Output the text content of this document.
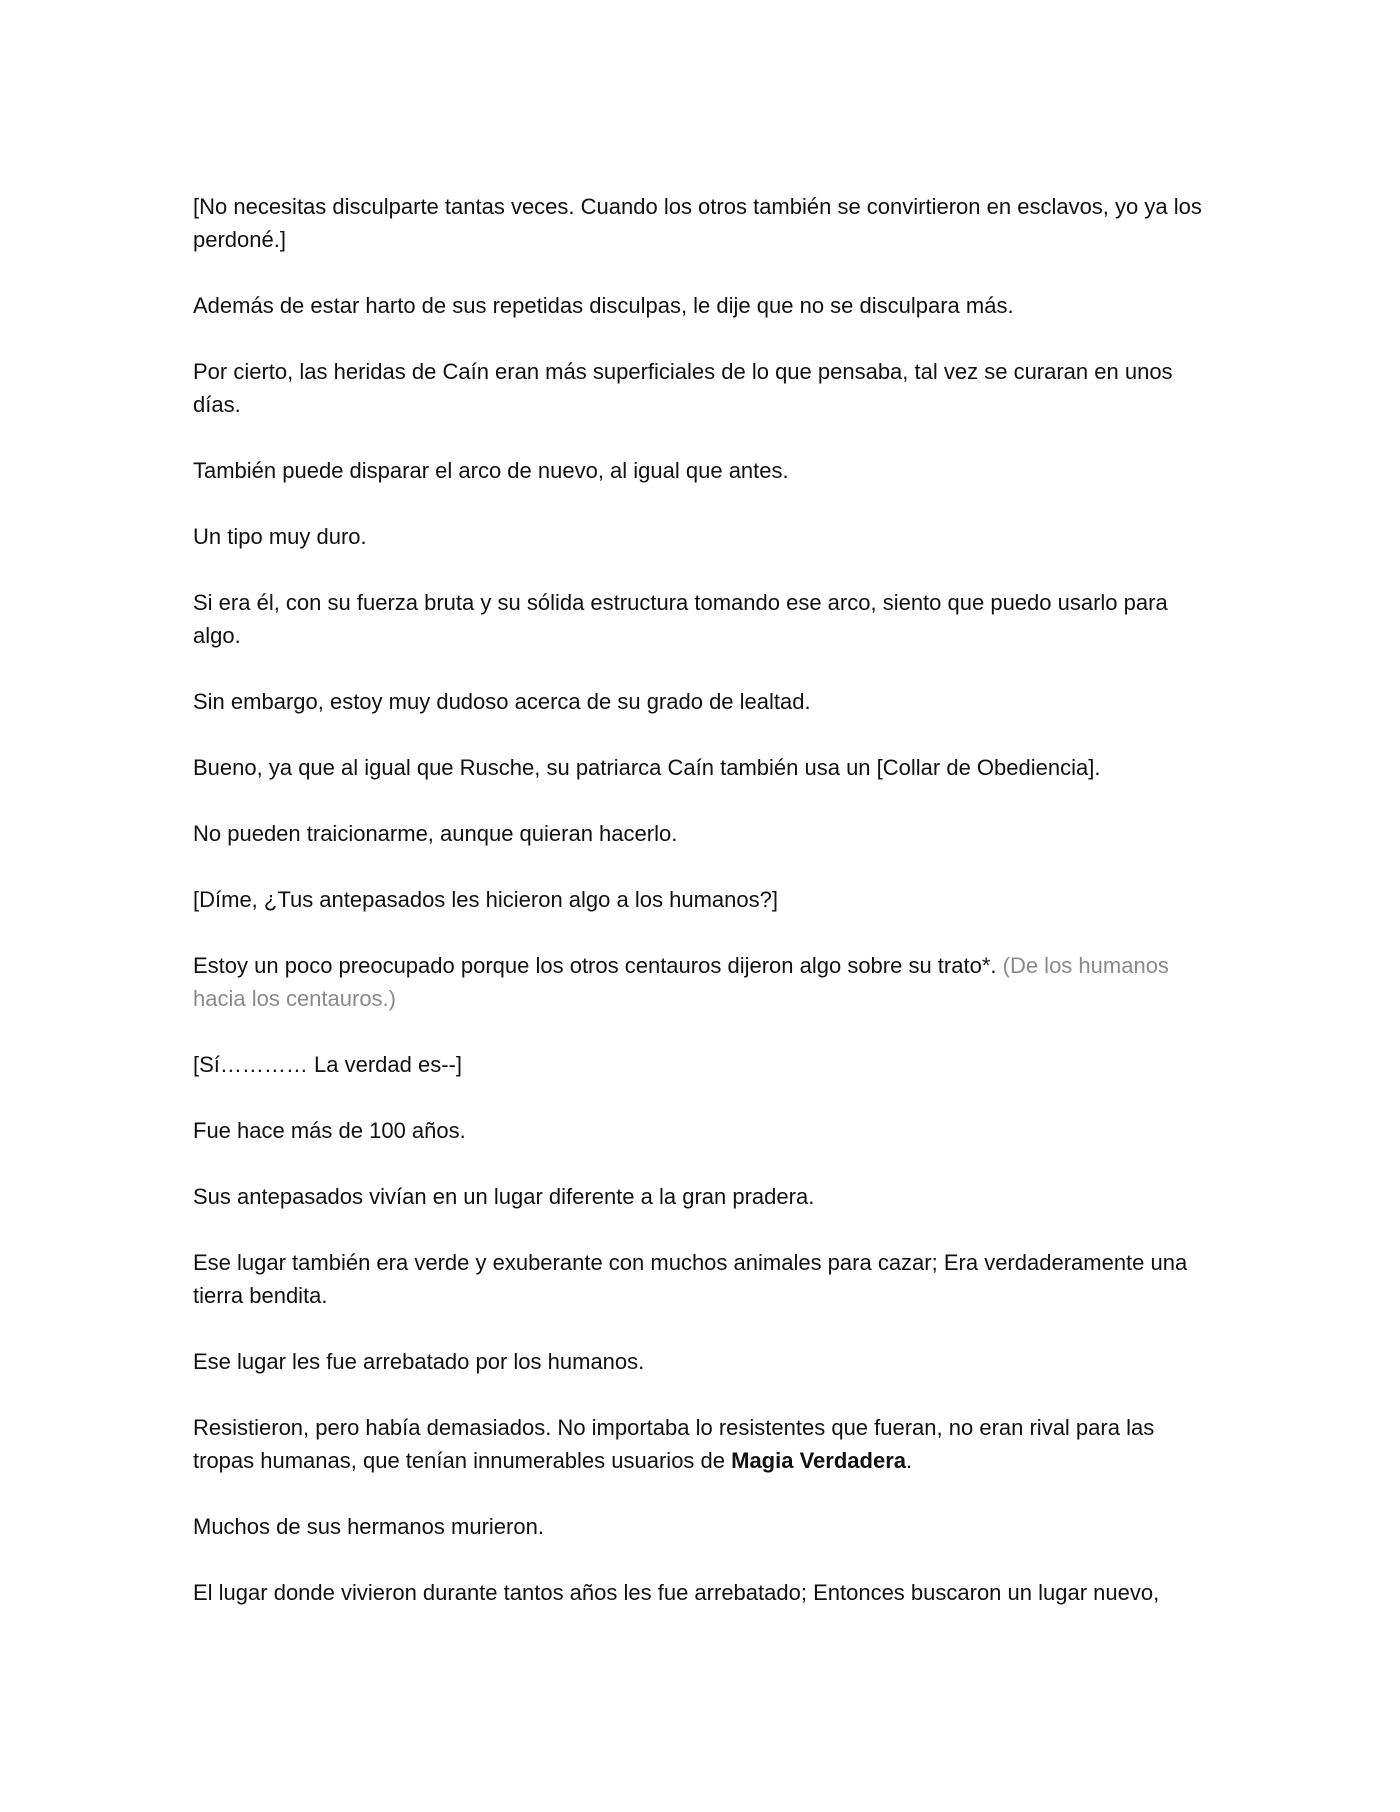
[No necesitas disculparte tantas veces. Cuando los otros también se convirtieron en esclavos, yo ya los perdoné.]

Además de estar harto de sus repetidas disculpas, le dije que no se disculpara más.

Por cierto, las heridas de Caín eran más superficiales de lo que pensaba, tal vez se curaran en unos días.

También puede disparar el arco de nuevo, al igual que antes.

Un tipo muy duro.

Si era él, con su fuerza bruta y su sólida estructura tomando ese arco, siento que puedo usarlo para algo.

Sin embargo, estoy muy dudoso acerca de su grado de lealtad.

Bueno, ya que al igual que Rusche, su patriarca Caín también usa un [Collar de Obediencia].

No pueden traicionarme, aunque quieran hacerlo.

[Díme, ¿Tus antepasados les hicieron algo a los humanos?]

Estoy un poco preocupado porque los otros centauros dijeron algo sobre su trato*. (De los humanos hacia los centauros.)

[Sí………… La verdad es--]

Fue hace más de 100 años.

Sus antepasados vivían en un lugar diferente a la gran pradera.

Ese lugar también era verde y exuberante con muchos animales para cazar; Era verdaderamente una tierra bendita.

Ese lugar les fue arrebatado por los humanos.

Resistieron, pero había demasiados. No importaba lo resistentes que fueran, no eran rival para las tropas humanas, que tenían innumerables usuarios de Magia Verdadera.

Muchos de sus hermanos murieron.

El lugar donde vivieron durante tantos años les fue arrebatado; Entonces buscaron un lugar nuevo,
